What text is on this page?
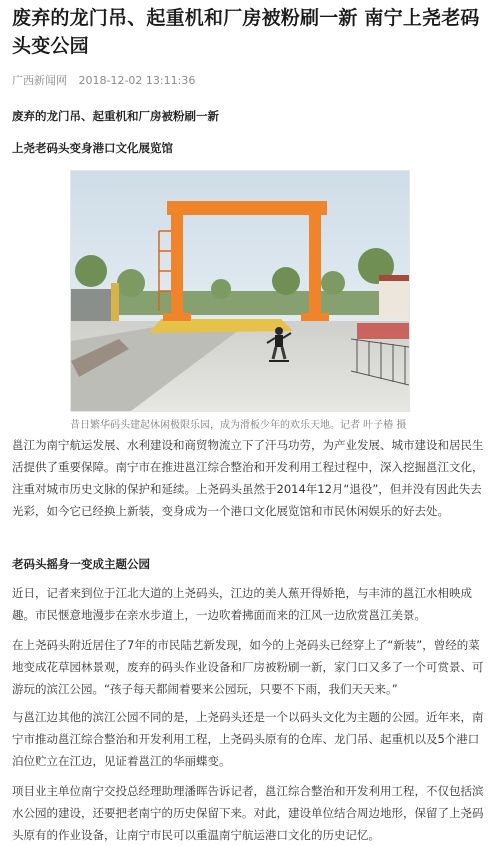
废弃的龙门吊、起重机和厂房被粉刷一新 南宁上尧老码头变公园
广西新闻网 2018-12-02 13:11:36
废弃的龙门吊、起重机和厂房被粉刷一新
上尧老码头变身港口文化展览馆
昔日繁华码头建起休闲极限乐园，成为滑板少年的欢乐天地。记者 叶子椿 摄
邕江为南宁航运发展、水利建设和商贸物流立下了汗马功劳，为产业发展、城市建设和居民生活提供了重要保障。南宁市在推进邕江综合整治和开发利用工程过程中，深入挖掘邕江文化，注重对城市历史文脉的保护和延续。上尧码头虽然于2014年12月“退役”，但并没有因此失去光彩，如今它已经换上新装，变身成为一个港口文化展览馆和市民休闲娱乐的好去处。
老码头摇身一变成主题公园
近日，记者来到位于江北大道的上尧码头，江边的美人蕉开得娇艳，与丰沛的邕江水相映成趣。市民惬意地漫步在亲水步道上，一边吹着拂面而来的江风一边欣赏邕江美景。
在上尧码头附近居住了7年的市民陆艺新发现，如今的上尧码头已经穿上了“新装”，曾经的菜地变成花草园林景观，废弃的码头作业设备和厂房被粉刷一新，家门口又多了一个可赏景、可游玩的滨江公园。“孩子每天都闹着要来公园玩，只要不下雨，我们天天来。”
与邕江边其他的滨江公园不同的是，上尧码头还是一个以码头文化为主题的公园。近年来，南宁市推动邕江综合整治和开发利用工程，上尧码头原有的仓库、龙门吊、起重机以及5个港口泊位贮立在江边，见证着邕江的华丽蝶变。
项目业主单位南宁交投总经理助理潘晖告诉记者，邕江综合整治和开发利用工程，不仅包括滨水公园的建设，还要把老南宁的历史保留下来。对此，建设单位结合周边地形，保留了上尧码头原有的作业设备，让南宁市民可以重温南宁航运港口文化的历史记忆。
